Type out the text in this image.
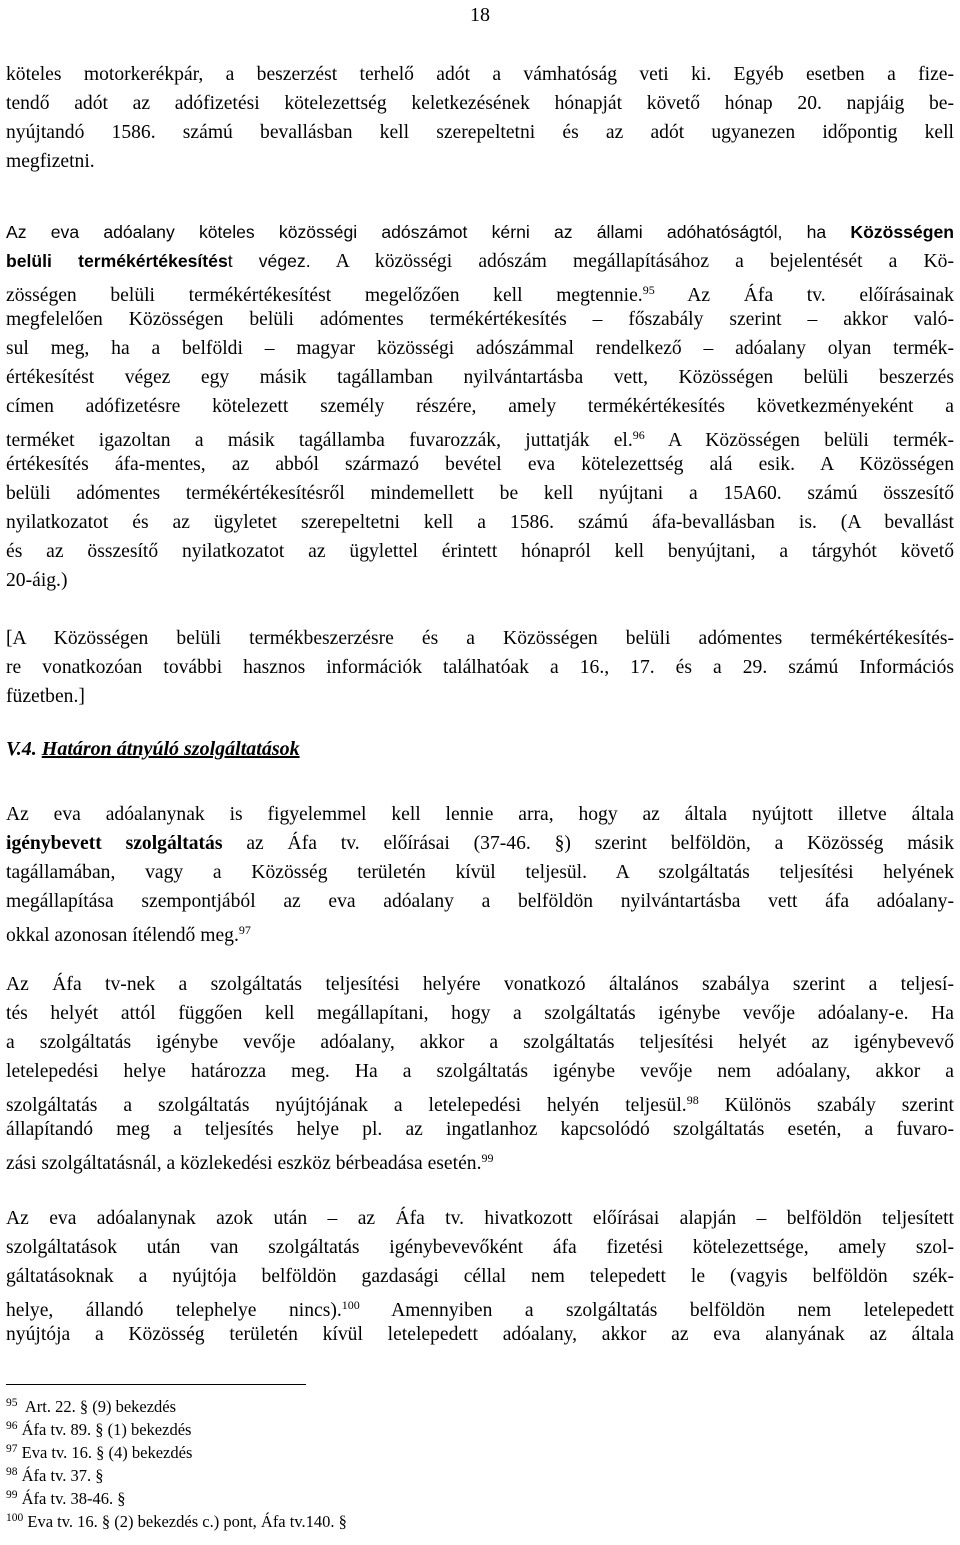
18
köteles motorkerékpár, a beszerzést terhelő adót a vámhatóság veti ki. Egyéb esetben a fize-
tendő adót az adófizetési kötelezettség keletkezésének hónapját követő hónap 20. napjáig be-
nyújtandó 1586. számú bevallásban kell szerepeltetni és az adót ugyanezen időpontig kell
megfizetni.
Az eva adóalany köteles közösségi adószámot kérni az állami adóhatóságtól, ha Közösségen
belüli termékértékesítést végez. A közösségi adószám megállapításához a bejelentését a Kö-
zösségen belüli termékértékesítést megelőzően kell megtennie.$^{95}$ Az Áfa tv. előírásainak
megfelelően Közösségen belüli adómentes termékértékesítés – főszabály szerint – akkor való-
sul meg, ha a belföldi – magyar közösségi adószámmal rendelkező – adóalany olyan termék-
értékesítést végez egy másik tagállamban nyilvántartásba vett, Közösségen belüli beszerzés
címen adófizetésre kötelezett személy részére, amely termékértékesítés következményeként a
terméket igazoltan a másik tagállamba fuvarozzák, juttatják el.$^{96}$ A Közösségen belüli termék-
értékesítés áfa-mentes, az abból származó bevétel eva kötelezettség alá esik. A Közösségen
belüli adómentes termékértékesítésről mindemellett be kell nyújtani a 15A60. számú összesítő
nyilatkozatot és az ügyletet szerepeltetni kell a 1586. számú áfa-bevallásban is. (A bevallást
és az összesítő nyilatkozatot az ügylettel érintett hónapról kell benyújtani, a tárgyhót követő
20-áig.)
[A Közösségen belüli termékbeszerzésre és a Közösségen belüli adómentes termékértékesítés-
re vonatkozóan további hasznos információk találhatóak a 16., 17. és a 29. számú Információs
füzetben.]
V.4. Határon átnyúló szolgáltatások
Az eva adóalanynak is figyelemmel kell lennie arra, hogy az általa nyújtott illetve általa
igénybevett szolgáltatás az Áfa tv. előírásai (37-46. §) szerint belföldön, a Közösség másik
tagállamában, vagy a Közösség területén kívül teljesül. A szolgáltatás teljesítési helyének
megállapítása szempontjából az eva adóalany a belföldön nyilvántartásba vett áfa adóalany-
okkal azonosan ítélendő meg.$^{97}$
Az Áfa tv-nek a szolgáltatás teljesítési helyére vonatkozó általános szabálya szerint a teljesí-
tés helyét attól függően kell megállapítani, hogy a szolgáltatás igénybe vevője adóalany-e. Ha
a szolgáltatás igénybe vevője adóalany, akkor a szolgáltatás teljesítési helyét az igénybevevő
letelepedési helye határozza meg. Ha a szolgáltatás igénybe vevője nem adóalany, akkor a
szolgáltatás a szolgáltatás nyújtójának a letelepedési helyén teljesül.$^{98}$ Különös szabály szerint
állapítandó meg a teljesítés helye pl. az ingatlanhoz kapcsolódó szolgáltatás esetén, a fuvaro-
zási szolgáltatásnál, a közlekedési eszköz bérbeadása esetén.$^{99}$
Az eva adóalanynak azok után – az Áfa tv. hivatkozott előírásai alapján – belföldön teljesített
szolgáltatások után van szolgáltatás igénybevevőként áfa fizetési kötelezettsége, amely szol-
gáltatásoknak a nyújtója belföldön gazdasági céllal nem telepedett le (vagyis belföldön szék-
helye, állandó telephelye nincs).$^{100}$ Amennyiben a szolgáltatás belföldön nem letelepedett
nyújtója a Közösség területén kívül letelepedett adóalany, akkor az eva alanyának az általa
$^{95}$  Art. 22. § (9) bekezdés
$^{96}$ Áfa tv. 89. § (1) bekezdés
$^{97}$ Eva tv. 16. § (4) bekezdés
$^{98}$ Áfa tv. 37. §
$^{99}$ Áfa tv. 38-46. §
$^{100}$ Eva tv. 16. § (2) bekezdés c.) pont, Áfa tv.140. §
